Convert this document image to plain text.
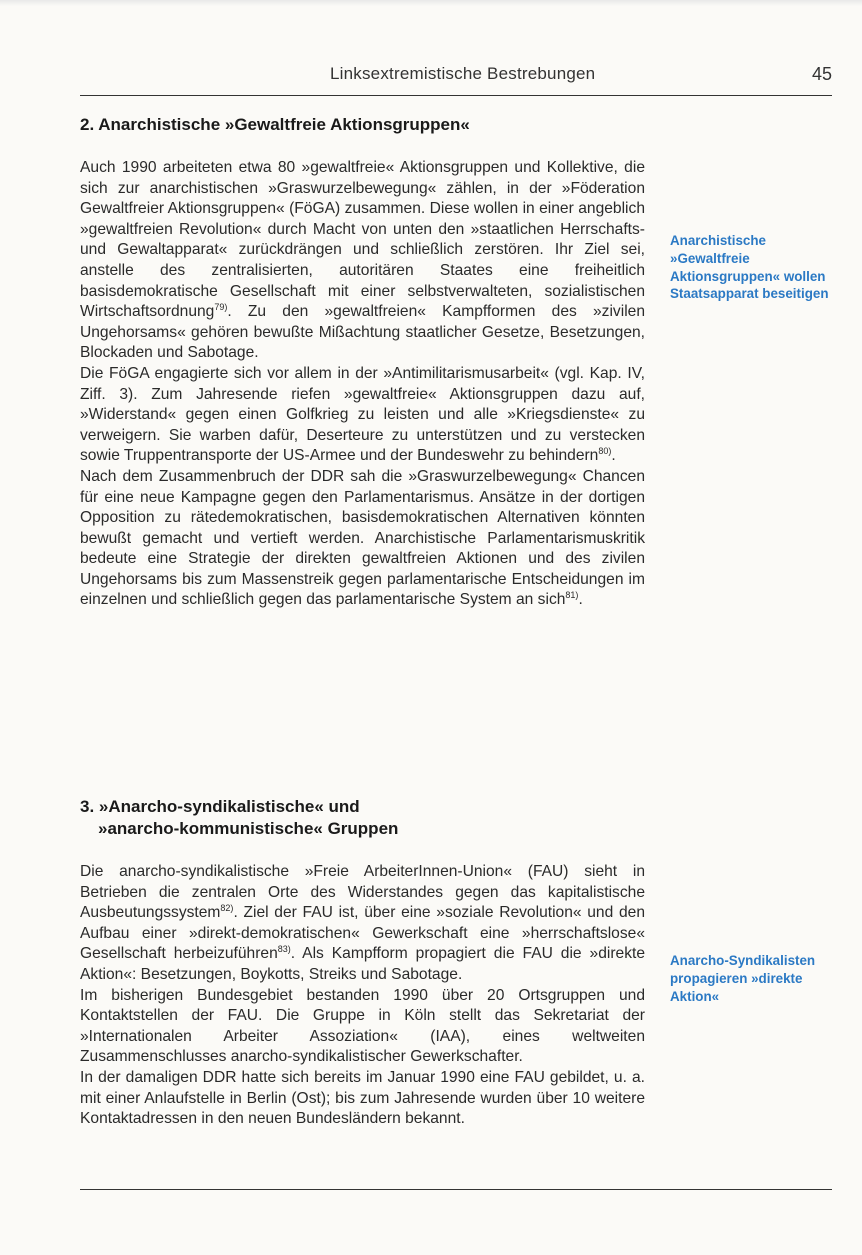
Linksextremistische Bestrebungen	45
2. Anarchistische »Gewaltfreie Aktionsgruppen«

Auch 1990 arbeiteten etwa 80 »gewaltfreie« Aktionsgruppen und Kollektive, die sich zur anarchistischen »Graswurzelbewegung« zählen, in der »Föderation Gewaltfreier Aktionsgruppen« (FöGA) zusammen. Diese wollen in einer angeblich »gewaltfreien Revolution« durch Macht von unten den »staatlichen Herrschafts- und Gewaltapparat« zurückdrängen und schließlich zerstören. Ihr Ziel sei, anstelle des zentralisierten, autoritären Staates eine freiheitlich basisdemokratische Gesellschaft mit einer selbstverwalteten, sozialistischen Wirtschaftsordnung$^{79)}$. Zu den »gewaltfreien« Kampfformen des »zivilen Ungehorsams« gehören bewußte Mißachtung staatlicher Gesetze, Besetzungen, Blockaden und Sabotage.

Die FöGA engagierte sich vor allem in der »Antimilitarismusarbeit« (vgl. Kap. IV, Ziff. 3). Zum Jahresende riefen »gewaltfreie« Aktionsgruppen dazu auf, »Widerstand« gegen einen Golfkrieg zu leisten und alle »Kriegsdienste« zu verweigern. Sie warben dafür, Deserteure zu unterstützen und zu verstecken sowie Truppentransporte der US-Armee und der Bundeswehr zu behindern$^{80)}$.

Nach dem Zusammenbruch der DDR sah die »Graswurzelbewegung« Chancen für eine neue Kampagne gegen den Parlamentarismus. Ansätze in der dortigen Opposition zu rätedemokratischen, basisdemokratischen Alternativen könnten bewußt gemacht und vertieft werden. Anarchistische Parlamentarismuskritik bedeute eine Strategie der direkten gewaltfreien Aktionen und des zivilen Ungehorsams bis zum Massenstreik gegen parlamentarische Entscheidungen im einzelnen und schließlich gegen das parlamentarische System an sich$^{81)}$.

Anarchistische »Gewaltfreie Aktionsgruppen« wollen Staatsapparat beseitigen
3. »Anarcho-syndikalistische« und
»anarcho-kommunistische« Gruppen

Die anarcho-syndikalistische »Freie ArbeiterInnen-Union« (FAU) sieht in Betrieben die zentralen Orte des Widerstandes gegen das kapitalistische Ausbeutungssystem$^{82)}$. Ziel der FAU ist, über eine »soziale Revolution« und den Aufbau einer »direkt-demokratischen« Gewerkschaft eine »herrschaftslose« Gesellschaft herbeizuführen$^{83)}$. Als Kampfform propagiert die FAU die »direkte Aktion«: Besetzungen, Boykotts, Streiks und Sabotage.

Im bisherigen Bundesgebiet bestanden 1990 über 20 Ortsgruppen und Kontaktstellen der FAU. Die Gruppe in Köln stellt das Sekretariat der »Internationalen Arbeiter Assoziation« (IAA), eines weltweiten Zusammenschlusses anarcho-syndikalistischer Gewerkschafter.

In der damaligen DDR hatte sich bereits im Januar 1990 eine FAU gebildet, u. a. mit einer Anlaufstelle in Berlin (Ost); bis zum Jahresende wurden über 10 weitere Kontaktadressen in den neuen Bundesländern bekannt.

Anarcho-Syndikalisten propagieren »direkte Aktion«
